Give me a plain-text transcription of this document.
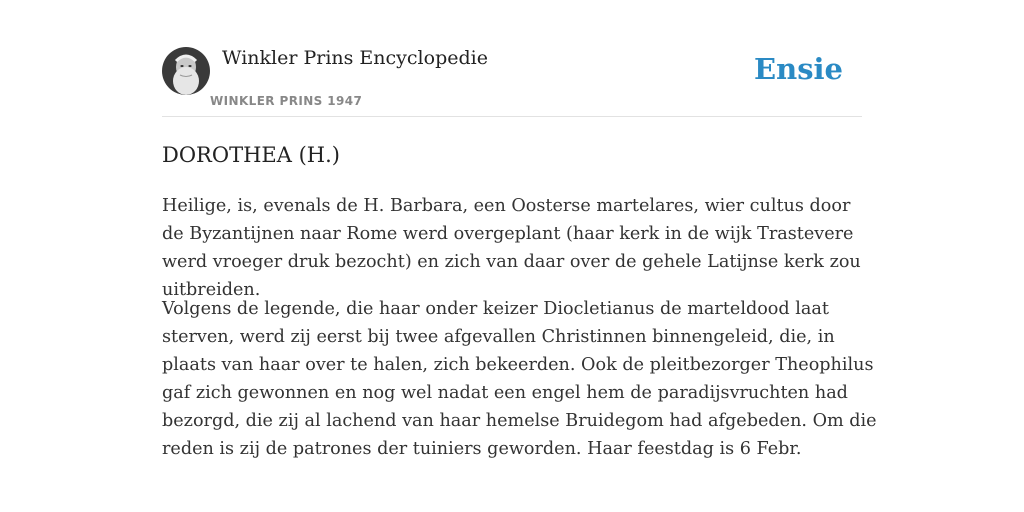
Winkler Prins Encyclopedie
WINKLER PRINS 1947
Ensie
DOROTHEA (H.)

Heilige, is, evenals de H. Barbara, een Oosterse martelares, wier cultus door de Byzantijnen naar Rome werd overgeplant (haar kerk in de wijk Trastevere werd vroeger druk bezocht) en zich van daar over de gehele Latijnse kerk zou uitbreiden.

Volgens de legende, die haar onder keizer Diocletianus de marteldood laat sterven, werd zij eerst bij twee afgevallen Christinnen binnengeleid, die, in plaats van haar over te halen, zich bekeerden. Ook de pleitbezorger Theophilus gaf zich gewonnen en nog wel nadat een engel hem de paradijsvruchten had bezorgd, die zij al lachend van haar hemelse Bruidegom had afgebeden. Om die reden is zij de patrones der tuiniers geworden. Haar feestdag is 6 Febr.
